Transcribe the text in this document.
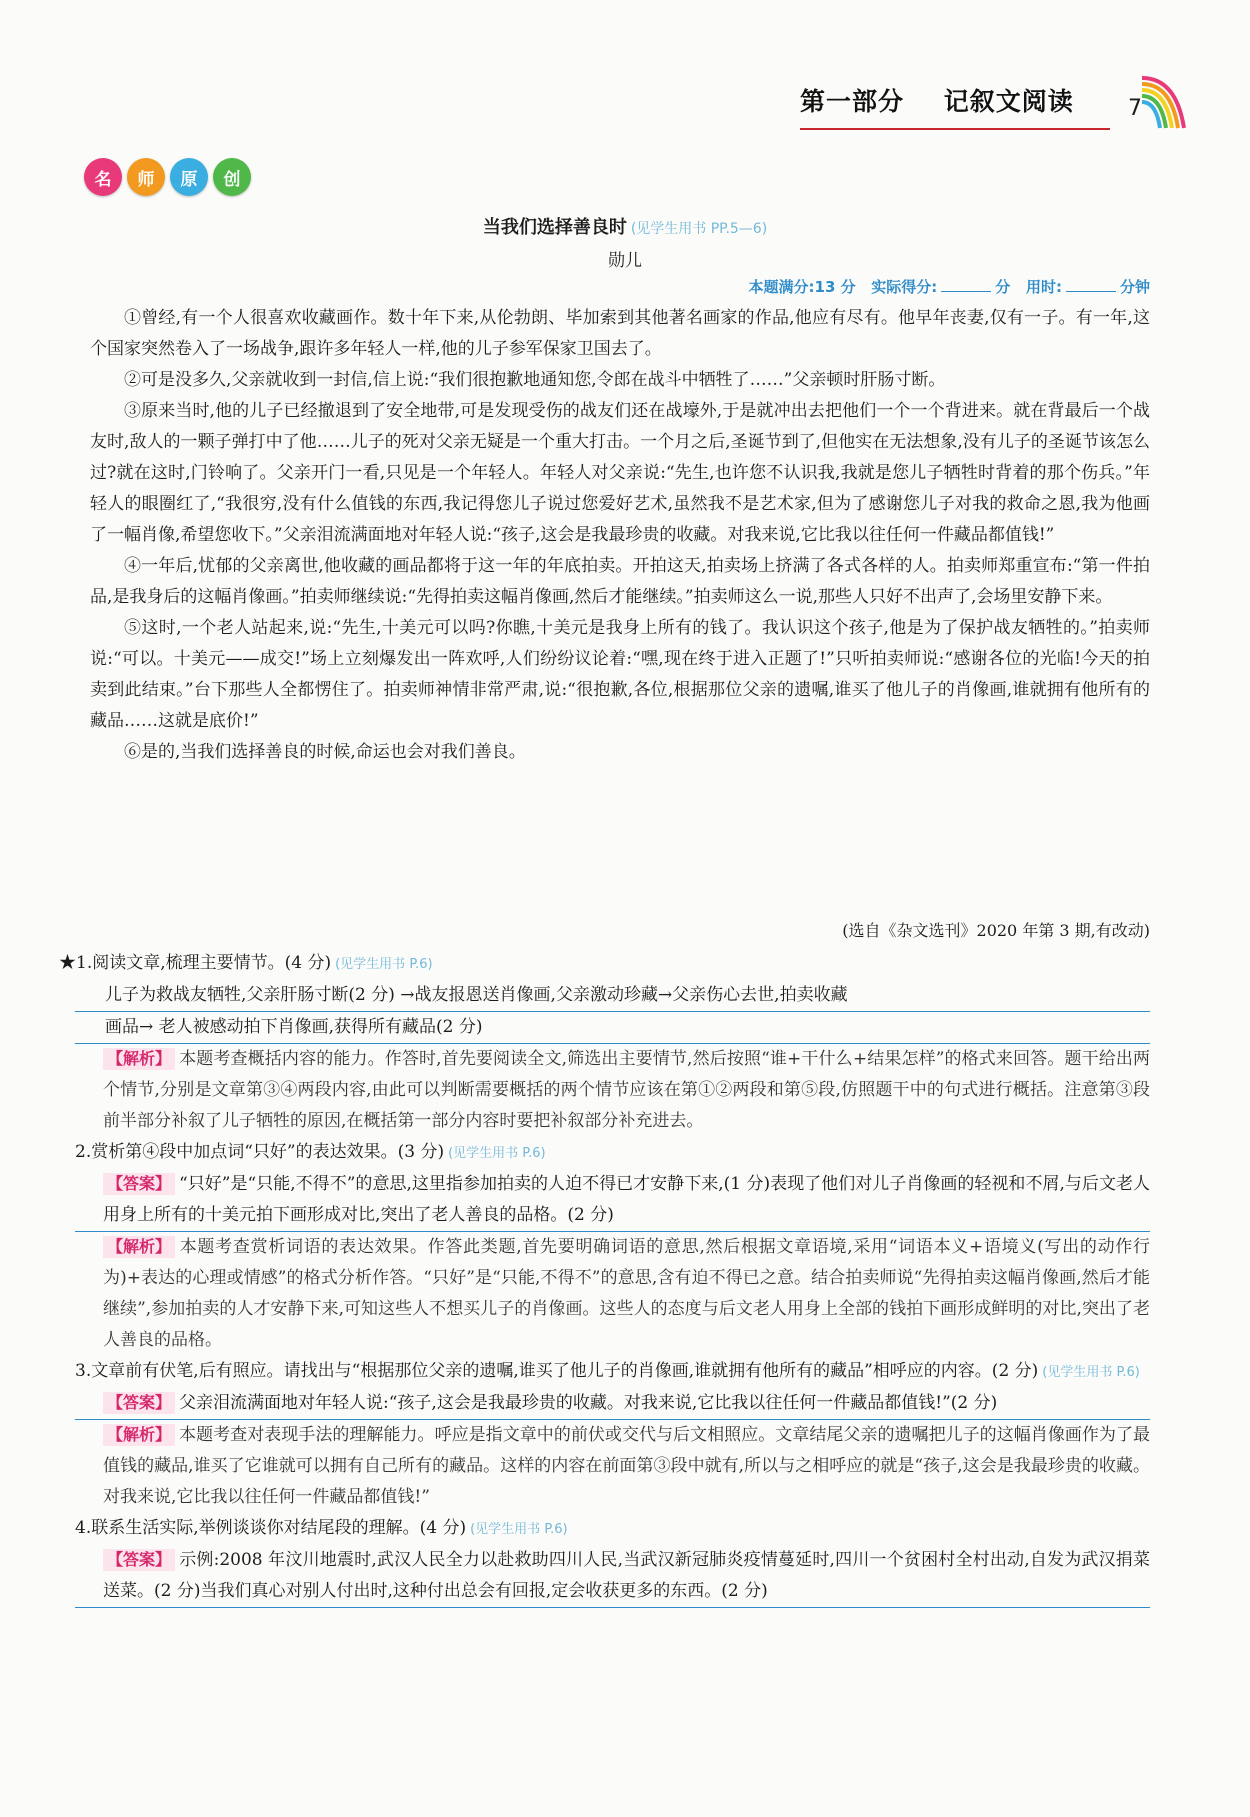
第一部分 记叙文阅读	7
名	师	原	创
当我们选择善良时 (见学生用书 PP.5—6)
勋儿
本题满分:13 分 实际得分:	分 用时:	分钟

①曾经,有一个人很喜欢收藏画作。数十年下来,从伦勃朗、毕加索到其他著名画家的作品,他应有尽有。他早年丧妻,仅有一子。有一年,这个国家突然卷入了一场战争,跟许多年轻人一样,他的儿子参军保家卫国去了。

②可是没多久,父亲就收到一封信,信上说:“我们很抱歉地通知您,令郎在战斗中牺牲了……”父亲顿时肝肠寸断。

③原来当时,他的儿子已经撤退到了安全地带,可是发现受伤的战友们还在战壕外,于是就冲出去把他们一个一个背进来。就在背最后一个战友时,敌人的一颗子弹打中了他……儿子的死对父亲无疑是一个重大打击。一个月之后,圣诞节到了,但他实在无法想象,没有儿子的圣诞节该怎么过?就在这时,门铃响了。父亲开门一看,只见是一个年轻人。年轻人对父亲说:“先生,也许您不认识我,我就是您儿子牺牲时背着的那个伤兵。”年轻人的眼圈红了,“我很穷,没有什么值钱的东西,我记得您儿子说过您爱好艺术,虽然我不是艺术家,但为了感谢您儿子对我的救命之恩,我为他画了一幅肖像,希望您收下。”父亲泪流满面地对年轻人说:“孩子,这会是我最珍贵的收藏。对我来说,它比我以往任何一件藏品都值钱!”

④一年后,忧郁的父亲离世,他收藏的画品都将于这一年的年底拍卖。开拍这天,拍卖场上挤满了各式各样的人。拍卖师郑重宣布:“第一件拍品,是我身后的这幅肖像画。”拍卖师继续说:“先得拍卖这幅肖像画,然后才能继续。”拍卖师这么一说,那些人只好不出声了,会场里安静下来。

⑤这时,一个老人站起来,说:“先生,十美元可以吗?你瞧,十美元是我身上所有的钱了。我认识这个孩子,他是为了保护战友牺牲的。”拍卖师说:“可以。十美元——成交!”场上立刻爆发出一阵欢呼,人们纷纷议论着:“嘿,现在终于进入正题了!”只听拍卖师说:“感谢各位的光临!今天的拍卖到此结束。”台下那些人全都愣住了。拍卖师神情非常严肃,说:“很抱歉,各位,根据那位父亲的遗嘱,谁买了他儿子的肖像画,谁就拥有他所有的藏品……这就是底价!”

⑥是的,当我们选择善良的时候,命运也会对我们善良。

(选自《杂文选刊》2020 年第 3 期,有改动)

★1.阅读文章,梳理主要情节。(4 分) (见学生用书 P.6)

儿子为救战友牺牲,父亲肝肠寸断(2 分) →战友报恩送肖像画,父亲激动珍藏→父亲伤心去世,拍卖收藏
画品→ 老人被感动拍下肖像画,获得所有藏品(2 分)
【解析】 本题考查概括内容的能力。作答时,首先要阅读全文,筛选出主要情节,然后按照“谁+干什么+结果怎样”的格式来回答。题干给出两个情节,分别是文章第③④两段内容,由此可以判断需要概括的两个情节应该在第①②两段和第⑤段,仿照题干中的句式进行概括。注意第③段前半部分补叙了儿子牺牲的原因,在概括第一部分内容时要把补叙部分补充进去。

2.赏析第④段中加点词“只好”的表达效果。(3 分) (见学生用书 P.6)

【答案】 “只好”是“只能,不得不”的意思,这里指参加拍卖的人迫不得已才安静下来,(1 分)表现了他们对儿子肖像画的轻视和不屑,与后文老人用身上所有的十美元拍下画形成对比,突出了老人善良的品格。(2 分)
【解析】 本题考查赏析词语的表达效果。作答此类题,首先要明确词语的意思,然后根据文章语境,采用“词语本义+语境义(写出的动作行为)+表达的心理或情感”的格式分析作答。“只好”是“只能,不得不”的意思,含有迫不得已之意。结合拍卖师说“先得拍卖这幅肖像画,然后才能继续”,参加拍卖的人才安静下来,可知这些人不想买儿子的肖像画。这些人的态度与后文老人用身上全部的钱拍下画形成鲜明的对比,突出了老人善良的品格。

3.文章前有伏笔,后有照应。请找出与“根据那位父亲的遗嘱,谁买了他儿子的肖像画,谁就拥有他所有的藏品”相呼应的内容。(2 分) (见学生用书 P.6)

【答案】 父亲泪流满面地对年轻人说:“孩子,这会是我最珍贵的收藏。对我来说,它比我以往任何一件藏品都值钱!”(2 分)
【解析】 本题考查对表现手法的理解能力。呼应是指文章中的前伏或交代与后文相照应。文章结尾父亲的遗嘱把儿子的这幅肖像画作为了最值钱的藏品,谁买了它谁就可以拥有自己所有的藏品。这样的内容在前面第③段中就有,所以与之相呼应的就是“孩子,这会是我最珍贵的收藏。对我来说,它比我以往任何一件藏品都值钱!”

4.联系生活实际,举例谈谈你对结尾段的理解。(4 分) (见学生用书 P.6)

【答案】 示例:2008 年汶川地震时,武汉人民全力以赴救助四川人民,当武汉新冠肺炎疫情蔓延时,四川一个贫困村全村出动,自发为武汉捐菜送菜。(2 分)当我们真心对别人付出时,这种付出总会有回报,定会收获更多的东西。(2 分)
